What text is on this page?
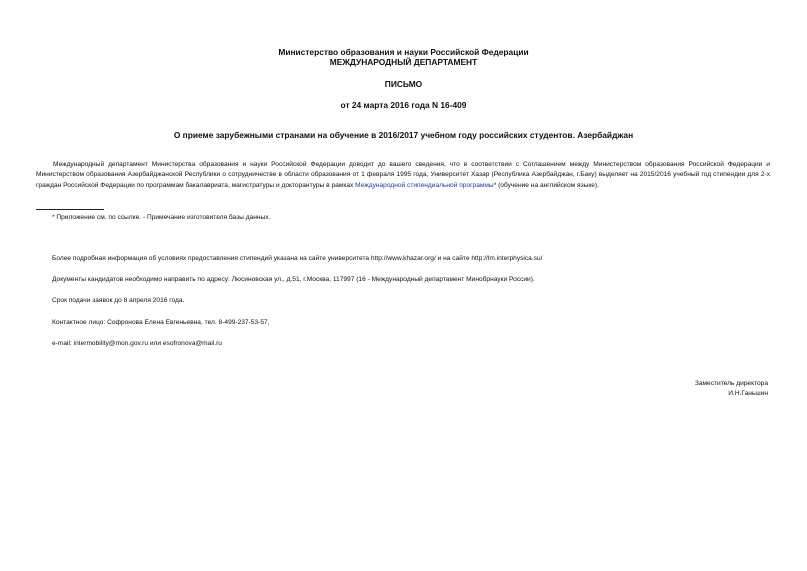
Министерство образования и науки Российской Федерации
МЕЖДУНАРОДНЫЙ ДЕПАРТАМЕНТ
ПИСЬМО
от 24 марта 2016 года N 16-409
О приеме зарубежными странами на обучение в 2016/2017 учебном году российских студентов. Азербайджан
Международный департамент Министерства образования и науки Российской Федерации доводит до вашего сведения, что в соответствии с Соглашением между Министерством образования Российской Федерации и Министерством образования Азербайджанской Республики о сотрудничестве в области образования от 1 февраля 1995 года, Университет Хазар (Республика Азербайджан, г.Баку) выделяет на 2015/2016 учебный год стипендии для 2-х граждан Российской Федерации по программам бакалавриата, магистратуры и докторантуры в рамках Международной стипендиальной программы* (обучение на английском языке).
* Приложение см. по ссылке. - Примечание изготовителя базы данных.
Более подробная информация об условиях предоставления стипендий указана на сайте университета http://www.khazar.org/ и на сайте http://lm.interphysica.su/
Документы кандидатов необходимо направить по адресу: Люсиновская ул., д.51, г.Москва, 117997 (16 - Международный департамент Минобрнауки России).
Срок подачи заявок до 8 апреля 2016 года.
Контактное лицо: Софронова Елена Евгеньевна, тел. 8-499-237-53-57,
e-mail: intermobility@mon.gov.ru или esofronova@mail.ru
Заместитель директора
И.Н.Ганьшин
